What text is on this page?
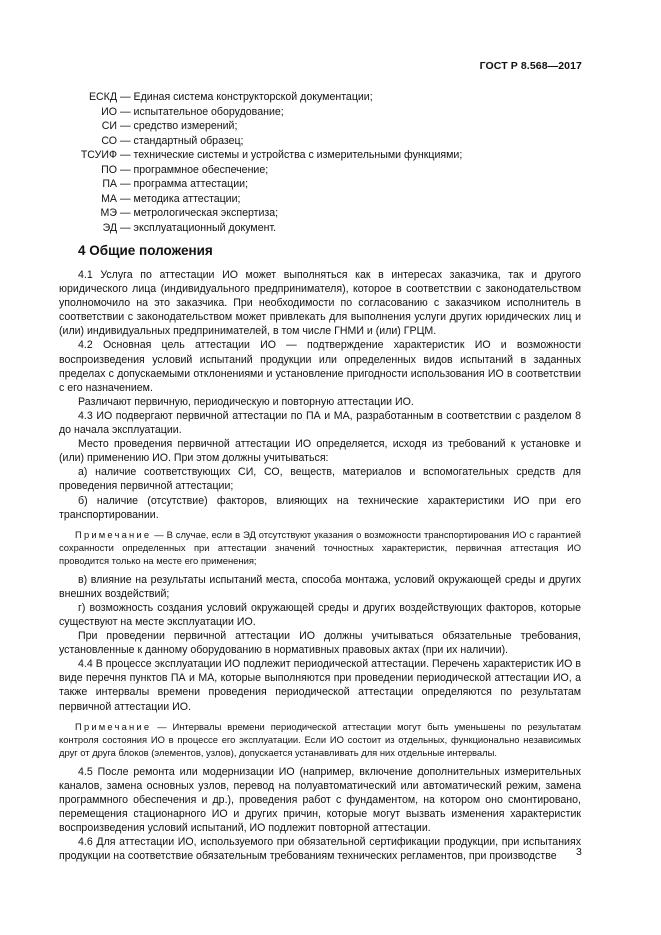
ГОСТ Р 8.568—2017
ЕСКД — Единая система конструкторской документации;
ИО — испытательное оборудование;
СИ — средство измерений;
СО — стандартный образец;
ТСУИФ — технические системы и устройства с измерительными функциями;
ПО — программное обеспечение;
ПА — программа аттестации;
МА — методика аттестации;
МЭ — метрологическая экспертиза;
ЭД — эксплуатационный документ.
4 Общие положения

4.1 Услуга по аттестации ИО может выполняться как в интересах заказчика, так и другого юридического лица (индивидуального предпринимателя), которое в соответствии с законодательством уполномочило на это заказчика. При необходимости по согласованию с заказчиком исполнитель в соответствии с законодательством может привлекать для выполнения услуги других юридических лиц и (или) индивидуальных предпринимателей, в том числе ГНМИ и (или) ГРЦМ.

4.2 Основная цель аттестации ИО — подтверждение характеристик ИО и возможности воспроизведения условий испытаний продукции или определенных видов испытаний в заданных пределах с допускаемыми отклонениями и установление пригодности использования ИО в соответствии с его назначением.

Различают первичную, периодическую и повторную аттестации ИО.

4.3 ИО подвергают первичной аттестации по ПА и МА, разработанным в соответствии с разделом 8 до начала эксплуатации.

Место проведения первичной аттестации ИО определяется, исходя из требований к установке и (или) применению ИО. При этом должны учитываться:

а) наличие соответствующих СИ, СО, веществ, материалов и вспомогательных средств для проведения первичной аттестации;

б) наличие (отсутствие) факторов, влияющих на технические характеристики ИО при его транспортировании.

Примечание — В случае, если в ЭД отсутствуют указания о возможности транспортирования ИО с гарантией сохранности определенных при аттестации значений точностных характеристик, первичная аттестация ИО проводится только на месте его применения;

в) влияние на результаты испытаний места, способа монтажа, условий окружающей среды и других внешних воздействий;

г) возможность создания условий окружающей среды и других воздействующих факторов, которые существуют на месте эксплуатации ИО.

При проведении первичной аттестации ИО должны учитываться обязательные требования, установленные к данному оборудованию в нормативных правовых актах (при их наличии).

4.4 В процессе эксплуатации ИО подлежит периодической аттестации. Перечень характеристик ИО в виде перечня пунктов ПА и МА, которые выполняются при проведении периодической аттестации ИО, а также интервалы времени проведения периодической аттестации определяются по результатам первичной аттестации ИО.

Примечание — Интервалы времени периодической аттестации могут быть уменьшены по результатам контроля состояния ИО в процессе его эксплуатации. Если ИО состоит из отдельных, функционально независимых друг от друга блоков (элементов, узлов), допускается устанавливать для них отдельные интервалы.

4.5 После ремонта или модернизации ИО (например, включение дополнительных измерительных каналов, замена основных узлов, перевод на полуавтоматический или автоматический режим, замена программного обеспечения и др.), проведения работ с фундаментом, на котором оно смонтировано, перемещения стационарного ИО и других причин, которые могут вызвать изменения характеристик воспроизведения условий испытаний, ИО подлежит повторной аттестации.

4.6 Для аттестации ИО, используемого при обязательной сертификации продукции, при испытаниях продукции на соответствие обязательным требованиям технических регламентов, при производстве	3
